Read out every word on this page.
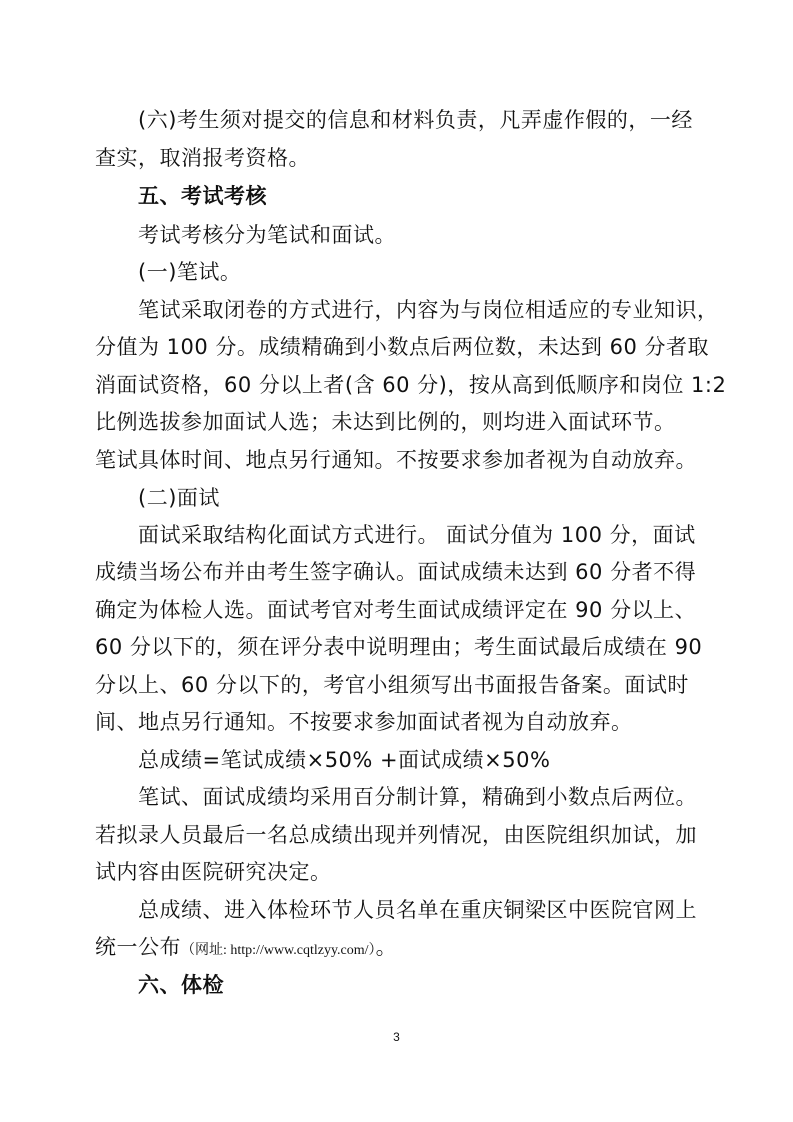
(六)考生须对提交的信息和材料负责，凡弄虚作假的，一经
查实，取消报考资格。
五、考试考核
考试考核分为笔试和面试。
(一)笔试。
笔试采取闭卷的方式进行，内容为与岗位相适应的专业知识，
分值为 100 分。成绩精确到小数点后两位数，未达到 60 分者取
消面试资格，60 分以上者(含 60 分)，按从高到低顺序和岗位 1:2
比例选拔参加面试人选；未达到比例的，则均进入面试环节。
笔试具体时间、地点另行通知。不按要求参加者视为自动放弃。
(二)面试
面试采取结构化面试方式进行。 面试分值为 100 分，面试
成绩当场公布并由考生签字确认。面试成绩未达到 60 分者不得
确定为体检人选。面试考官对考生面试成绩评定在 90 分以上、
60 分以下的，须在评分表中说明理由；考生面试最后成绩在 90
分以上、60 分以下的，考官小组须写出书面报告备案。面试时
间、地点另行通知。不按要求参加面试者视为自动放弃。
总成绩=笔试成绩×50% +面试成绩×50%
笔试、面试成绩均采用百分制计算，精确到小数点后两位。
若拟录人员最后一名总成绩出现并列情况，由医院组织加试，加
试内容由医院研究决定。
总成绩、进入体检环节人员名单在重庆铜梁区中医院官网上
统一公布（网址: http://www.cqtlzyy.com/）。
六、体检
3
